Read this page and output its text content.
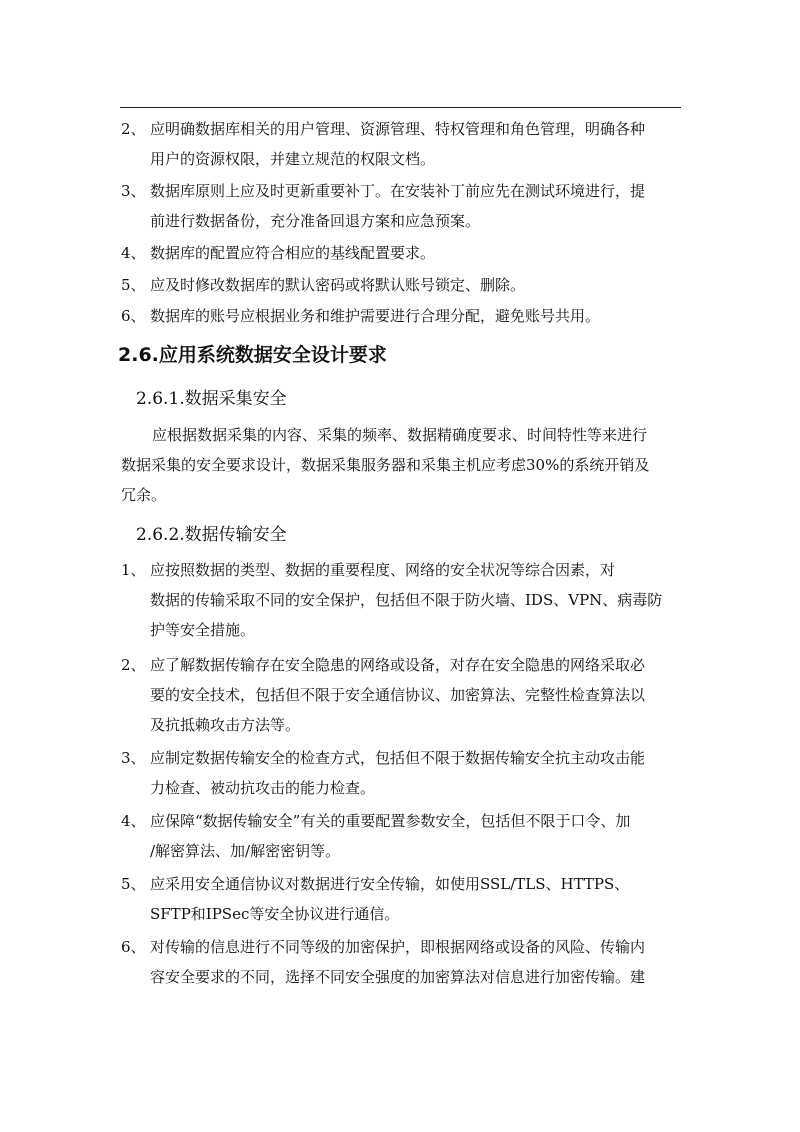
2、 应明确数据库相关的用户管理、资源管理、特权管理和角色管理，明确各种
用户的资源权限，并建立规范的权限文档。
3、 数据库原则上应及时更新重要补丁。在安装补丁前应先在测试环境进行，提
前进行数据备份，充分准备回退方案和应急预案。
4、 数据库的配置应符合相应的基线配置要求。
5、 应及时修改数据库的默认密码或将默认账号锁定、删除。
6、 数据库的账号应根据业务和维护需要进行合理分配，避免账号共用。
2.6.应用系统数据安全设计要求
2.6.1.数据采集安全
应根据数据采集的内容、采集的频率、数据精确度要求、时间特性等来进行
数据采集的安全要求设计，数据采集服务器和采集主机应考虑30%的系统开销及
冗余。
2.6.2.数据传输安全
1、 应按照数据的类型、数据的重要程度、网络的安全状况等综合因素，对
数据的传输采取不同的安全保护，包括但不限于防火墙、IDS、VPN、病毒防
护等安全措施。
2、 应了解数据传输存在安全隐患的网络或设备，对存在安全隐患的网络采取必
要的安全技术，包括但不限于安全通信协议、加密算法、完整性检查算法以
及抗抵赖攻击方法等。
3、 应制定数据传输安全的检查方式，包括但不限于数据传输安全抗主动攻击能
力检查、被动抗攻击的能力检查。
4、 应保障“数据传输安全”有关的重要配置参数安全，包括但不限于口令、加
/解密算法、加/解密密钥等。
5、 应采用安全通信协议对数据进行安全传输，如使用SSL/TLS、HTTPS、
SFTP和IPSec等安全协议进行通信。
6、 对传输的信息进行不同等级的加密保护，即根据网络或设备的风险、传输内
容安全要求的不同，选择不同安全强度的加密算法对信息进行加密传输。建
